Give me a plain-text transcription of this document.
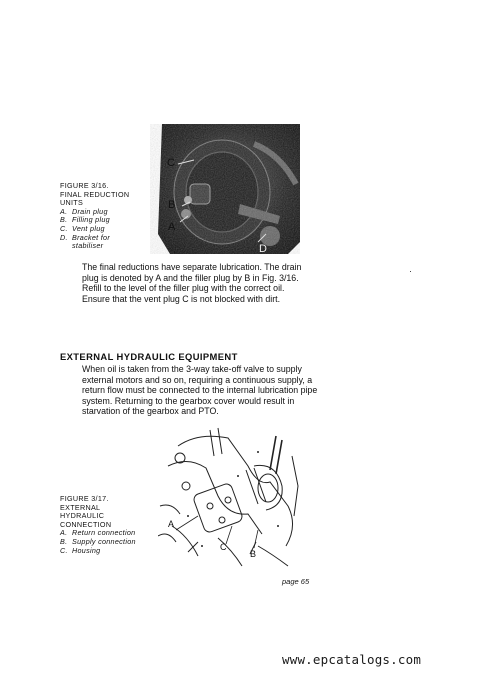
C
B
A
D
FIGURE 3/16.
FINAL REDUCTION
UNITS
A. Drain plug
B. Filling plug
C. Vent plug
D. Bracket for
stabiliser
The final reductions have separate lubrication. The drain
plug is denoted by A and the filler plug by B in Fig. 3/16.
Refill to the level of the filler plug with the correct oil.
Ensure that the vent plug C is not blocked with dirt.
EXTERNAL HYDRAULIC EQUIPMENT
When oil is taken from the 3-way take-off valve to supply
external motors and so on, requiring a continuous supply, a
return flow must be connected to the internal lubrication pipe
system. Returning to the gearbox cover would result in
starvation of the gearbox and PTO.
A
C
B
FIGURE 3/17.
EXTERNAL
HYDRAULIC
CONNECTION
A. Return connection
B. Supply connection
C. Housing
page 65
www.epcatalogs.com
